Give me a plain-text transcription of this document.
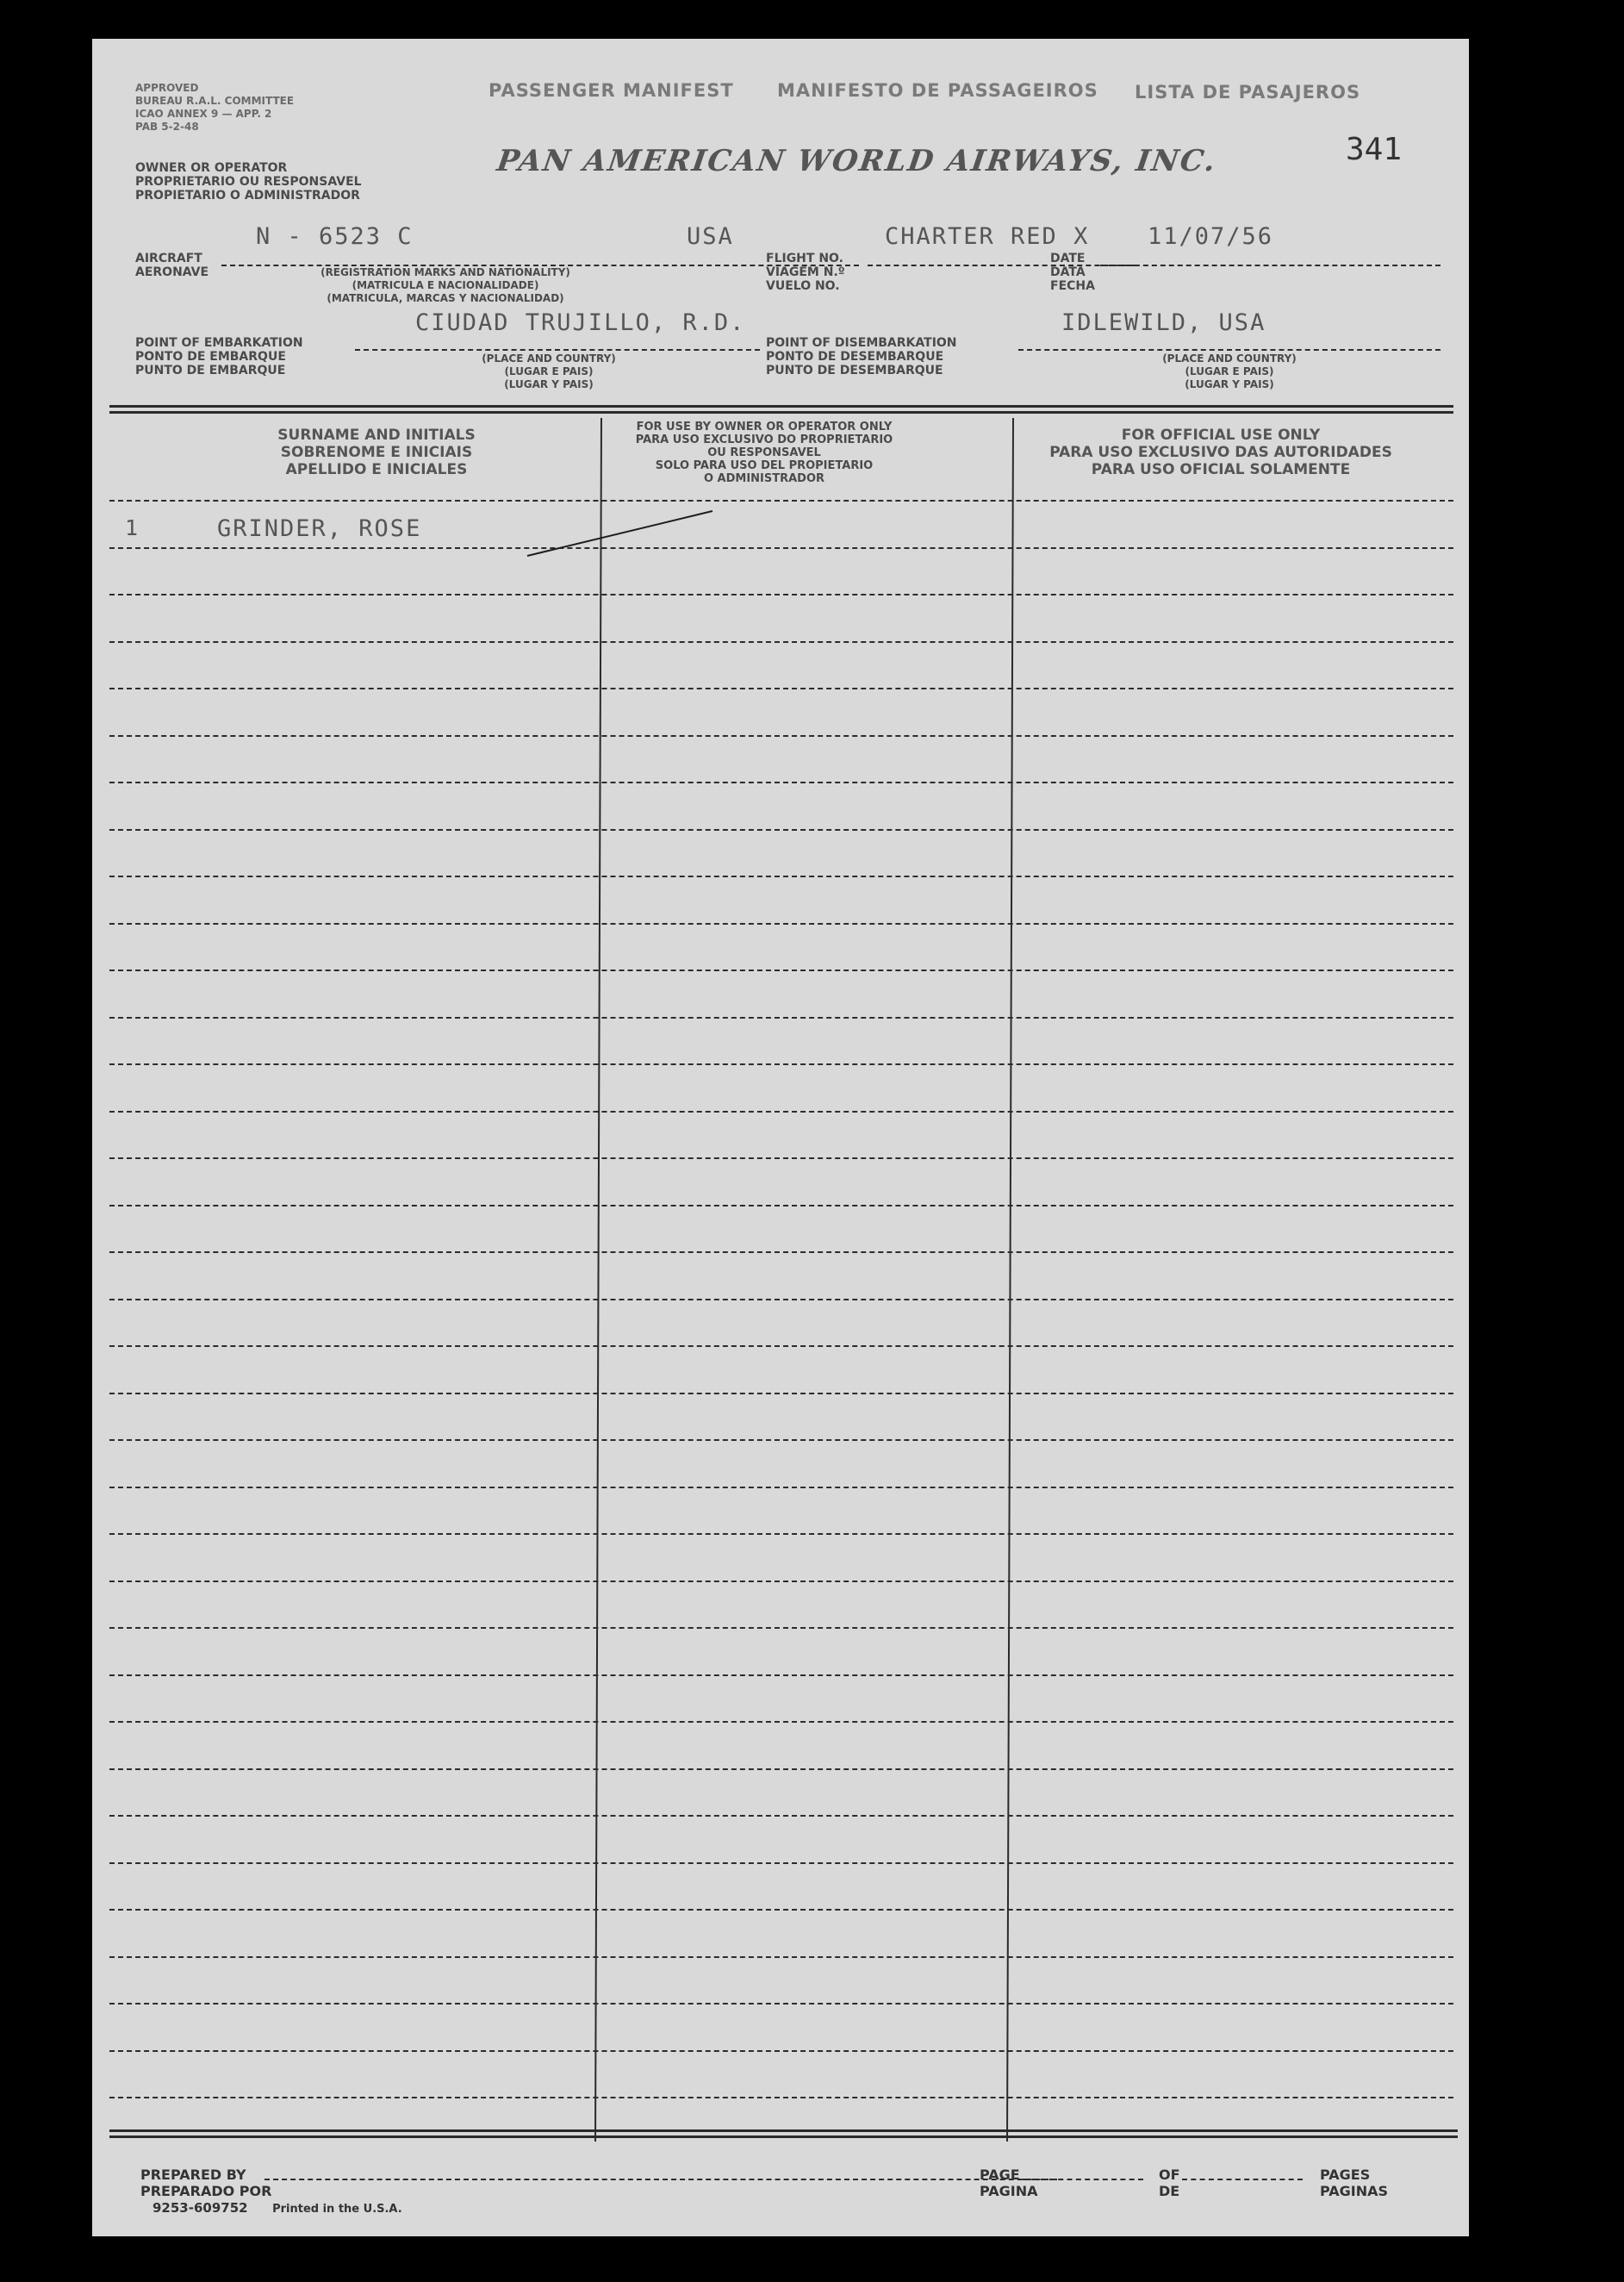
APPROVED
BUREAU R.A.L. COMMITTEE
ICAO ANNEX 9 — APP. 2
PAB 5-2-48
PASSENGER MANIFEST MANIFESTO DE PASSAGEIROS LISTA DE PASAJEROS
341
OWNER OR OPERATOR
PROPRIETARIO OU RESPONSAVEL
PROPIETARIO O ADMINISTRADOR
PAN AMERICAN WORLD AIRWAYS, INC.
N - 6523 C	USA	CHARTER RED X	11/07/56
AIRCRAFT
AERONAVE	(REGISTRATION MARKS AND NATIONALITY)
(MATRICULA E NACIONALIDADE)
(MATRICULA, MARCAS Y NACIONALIDAD)
FLIGHT NO.
VIAGEM N.º
VUELO NO.
DATE
DATA
FECHA
CIUDAD TRUJILLO, R.D.	IDLEWILD, USA
POINT OF EMBARKATION
PONTO DE EMBARQUE
PUNTO DE EMBARQUE
(PLACE AND COUNTRY)
(LUGAR E PAIS)
(LUGAR Y PAIS)
POINT OF DISEMBARKATION
PONTO DE DESEMBARQUE
PUNTO DE DESEMBARQUE
(PLACE AND COUNTRY)
(LUGAR E PAIS)
(LUGAR Y PAIS)
SURNAME AND INITIALS
SOBRENOME E INICIAIS
APELLIDO E INICIALES
FOR USE BY OWNER OR OPERATOR ONLY
PARA USO EXCLUSIVO DO PROPRIETARIO
OU RESPONSAVEL
SOLO PARA USO DEL PROPIETARIO
O ADMINISTRADOR
FOR OFFICIAL USE ONLY
PARA USO EXCLUSIVO DAS AUTORIDADES
PARA USO OFICIAL SOLAMENTE
1	GRINDER, ROSE
PREPARED BY
PREPARADO POR
9253-609752 Printed in the U.S.A.
PAGE
PAGINA
OF
DE
PAGES
PAGINAS
